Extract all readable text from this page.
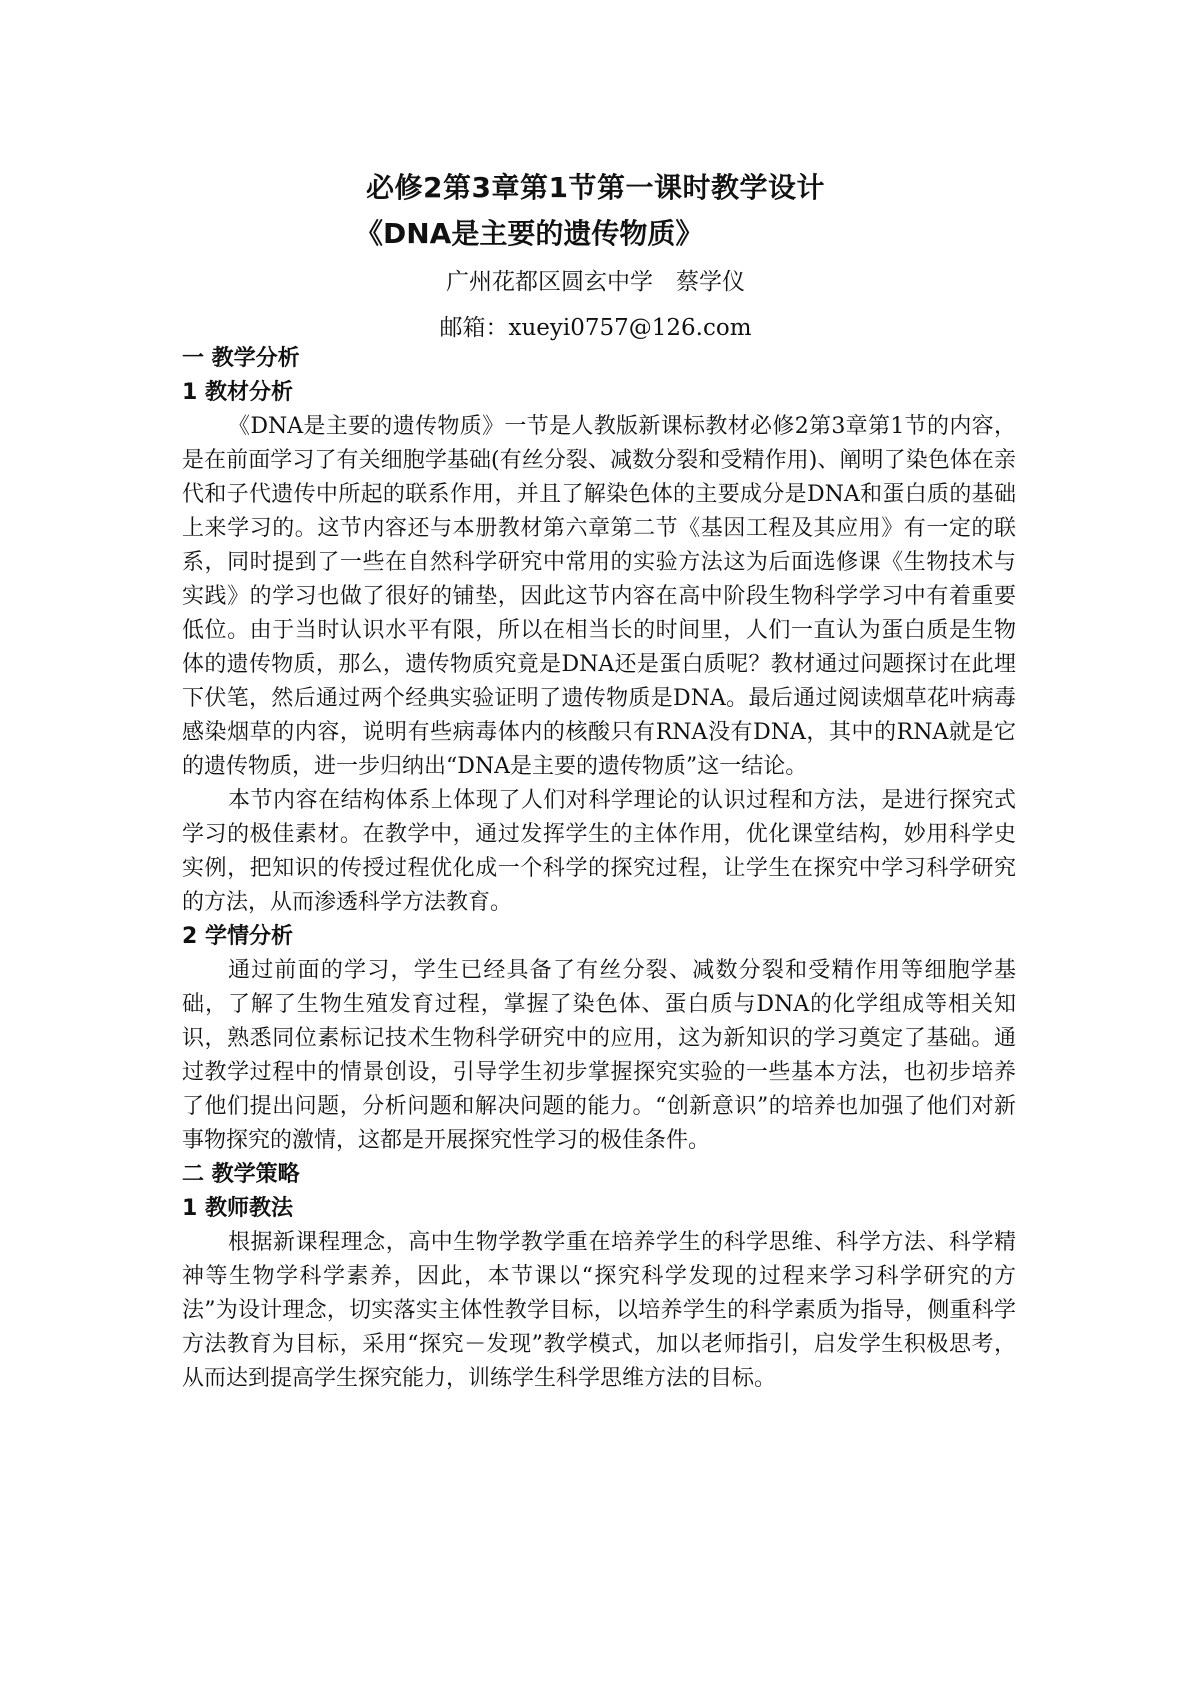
必修2第3章第1节第一课时教学设计
《DNA是主要的遗传物质》

广州花都区圆玄中学　蔡学仪

邮箱：xueyi0757@126.com

一 教学分析

1 教材分析

《DNA是主要的遗传物质》一节是人教版新课标教材必修2第3章第1节的内容，是在前面学习了有关细胞学基础(有丝分裂、减数分裂和受精作用)、阐明了染色体在亲代和子代遗传中所起的联系作用，并且了解染色体的主要成分是DNA和蛋白质的基础上来学习的。这节内容还与本册教材第六章第二节《基因工程及其应用》有一定的联系，同时提到了一些在自然科学研究中常用的实验方法这为后面选修课《生物技术与实践》的学习也做了很好的铺垫，因此这节内容在高中阶段生物科学学习中有着重要低位。由于当时认识水平有限，所以在相当长的时间里，人们一直认为蛋白质是生物体的遗传物质，那么，遗传物质究竟是DNA还是蛋白质呢？教材通过问题探讨在此埋下伏笔，然后通过两个经典实验证明了遗传物质是DNA。最后通过阅读烟草花叶病毒感染烟草的内容，说明有些病毒体内的核酸只有RNA没有DNA，其中的RNA就是它的遗传物质，进一步归纳出“DNA是主要的遗传物质”这一结论。

本节内容在结构体系上体现了人们对科学理论的认识过程和方法，是进行探究式学习的极佳素材。在教学中，通过发挥学生的主体作用，优化课堂结构，妙用科学史实例，把知识的传授过程优化成一个科学的探究过程，让学生在探究中学习科学研究的方法，从而渗透科学方法教育。

2 学情分析

通过前面的学习，学生已经具备了有丝分裂、减数分裂和受精作用等细胞学基础，了解了生物生殖发育过程，掌握了染色体、蛋白质与DNA的化学组成等相关知识，熟悉同位素标记技术生物科学研究中的应用，这为新知识的学习奠定了基础。通过教学过程中的情景创设，引导学生初步掌握探究实验的一些基本方法，也初步培养了他们提出问题，分析问题和解决问题的能力。“创新意识”的培养也加强了他们对新事物探究的激情，这都是开展探究性学习的极佳条件。

二 教学策略

1 教师教法

根据新课程理念，高中生物学教学重在培养学生的科学思维、科学方法、科学精神等生物学科学素养，因此，本节课以“探究科学发现的过程来学习科学研究的方法”为设计理念，切实落实主体性教学目标，以培养学生的科学素质为指导，侧重科学方法教育为目标，采用“探究－发现”教学模式，加以老师指引，启发学生积极思考，从而达到提高学生探究能力，训练学生科学思维方法的目标。
